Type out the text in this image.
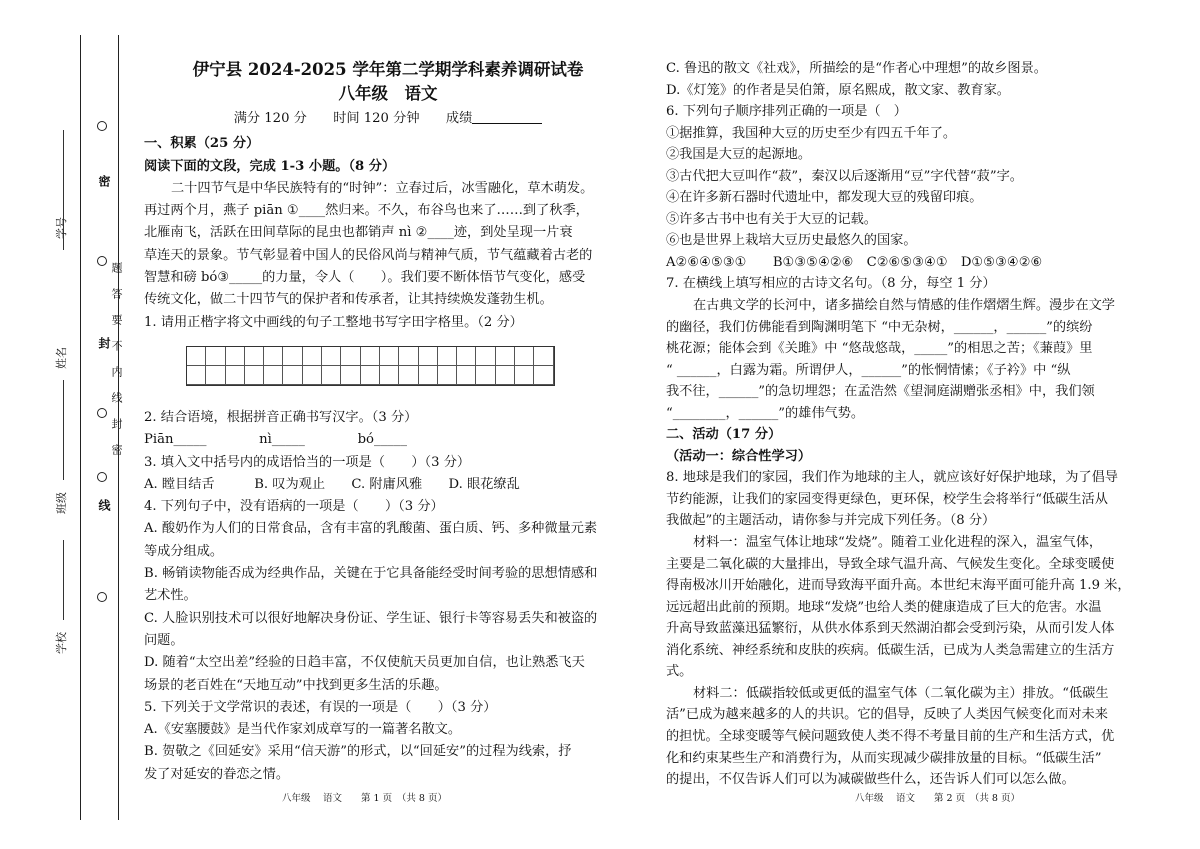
题答要不内线封密
密封线
学号
姓名
班级
学校
伊宁县 2024-2025 学年第二学期学科素养调研试卷
八年级　语文
满分 120 分　　时间 120 分钟　　成绩
一、积累（25 分）
阅读下面的文段，完成 1-3 小题。（8 分）
二十四节气是中华民族特有的“时钟”：立春过后，冰雪融化，草木萌发。
再过两个月，燕子 piān ①____然归来。不久，布谷鸟也来了……到了秋季，
北雁南飞，活跃在田间草际的昆虫也都销声 nì ②____迹，到处呈现一片衰
草连天的景象。节气彰显着中国人的民俗风尚与精神气质，节气蕴藏着古老的
智慧和磅 bó③_____的力量，令人（　　）。我们要不断体悟节气变化，感受
传统文化，做二十四节气的保护者和传承者，让其持续焕发蓬勃生机。
1. 请用正楷字将文中画线的句子工整地书写字田字格里。（2 分）
2. 结合语境，根据拼音正确书写汉字。（3 分）
Piān_____　　　　nì_____　　　　bó_____
3. 填入文中括号内的成语恰当的一项是（　　）（3 分）
A. 瞠目结舌　　　B. 叹为观止　　C. 附庸风雅　　D. 眼花缭乱
4. 下列句子中，没有语病的一项是（　　）（3 分）
A. 酸奶作为人们的日常食品，含有丰富的乳酸菌、蛋白质、钙、多种微量元素
等成分组成。
B. 畅销读物能否成为经典作品，关键在于它具备能经受时间考验的思想情感和
艺术性。
C. 人脸识别技术可以很好地解决身份证、学生证、银行卡等容易丢失和被盗的
问题。
D. 随着“太空出差”经验的日趋丰富，不仅使航天员更加自信，也让熟悉飞天
场景的老百姓在“天地互动”中找到更多生活的乐趣。
5. 下列关于文学常识的表述，有误的一项是（　　）（3 分）
A.《安塞腰鼓》是当代作家刘成章写的一篇著名散文。
B. 贺敬之《回延安》采用“信天游”的形式，以“回延安”的过程为线索，抒
发了对延安的眷恋之情。
八年级　 语文　　第 1 页　（共 8 页）
C. 鲁迅的散文《社戏》，所描绘的是“作者心中理想”的故乡图景。
D.《灯笼》的作者是吴伯箫，原名熙成，散文家、教育家。
6. 下列句子顺序排列正确的一项是（　）
①据推算，我国种大豆的历史至少有四五千年了。
②我国是大豆的起源地。
③古代把大豆叫作“菽”，秦汉以后逐渐用“豆”字代替“菽”字。
④在许多新石器时代遗址中，都发现大豆的残留印痕。
⑤许多古书中也有关于大豆的记载。
⑥也是世界上栽培大豆历史最悠久的国家。
A②⑥④⑤③①　　B①③⑤④②⑥　C②⑥⑤③④①　D①⑤③④②⑥
7. 在横线上填写相应的古诗文名句。（8 分，每空 1 分）
在古典文学的长河中，诸多描绘自然与情感的佳作熠熠生辉。漫步在文学
的幽径，我们仿佛能看到陶渊明笔下 “中无杂树，______，______”的缤纷
桃花源；能体会到《关雎》中 “悠哉悠哉，_____”的相思之苦；《蒹葭》里
“ ______，白露为霜。所谓伊人，______”的怅惘情愫；《子衿》中 “纵
我不往，______”的急切埋怨；在孟浩然《望洞庭湖赠张丞相》中，我们领
“________，______”的雄伟气势。
二、活动（17 分）
（活动一：综合性学习）
8. 地球是我们的家园，我们作为地球的主人，就应该好好保护地球，为了倡导
节约能源，让我们的家园变得更绿色，更环保，校学生会将举行“低碳生活从
我做起”的主题活动，请你参与并完成下列任务。（8 分）
材料一：温室气体让地球“发烧”。随着工业化进程的深入，温室气体，
主要是二氧化碳的大量排出，导致全球气温升高、气候发生变化。全球变暖使
得南极冰川开始融化，进而导致海平面升高。本世纪末海平面可能升高 1.9 米，
远远超出此前的预期。地球“发烧”也给人类的健康造成了巨大的危害。水温
升高导致蓝藻迅猛繁衍，从供水体系到天然湖泊都会受到污染，从而引发人体
消化系统、神经系统和皮肤的疾病。低碳生活，已成为人类急需建立的生活方
式。
材料二：低碳指较低或更低的温室气体（二氧化碳为主）排放。“低碳生
活”已成为越来越多的人的共识。它的倡导，反映了人类因气候变化而对未来
的担忧。全球变暖等气候问题致使人类不得不考量目前的生产和生活方式，优
化和约束某些生产和消费行为，从而实现减少碳排放量的目标。“低碳生活”
的提出，不仅告诉人们可以为减碳做些什么，还告诉人们可以怎么做。
八年级　 语文　　第 2 页　（共 8 页）
